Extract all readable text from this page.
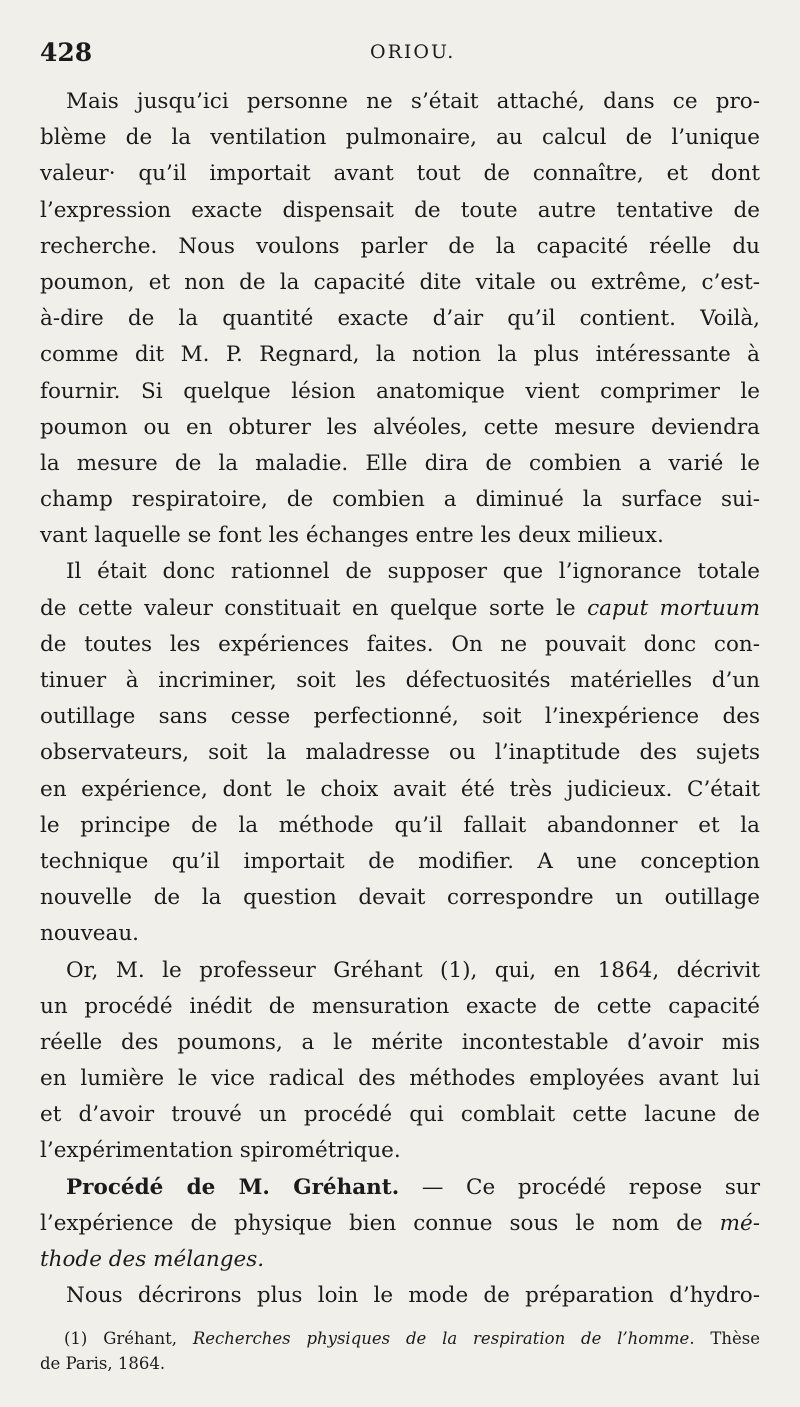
428	ORIOU.
Mais jusqu’ici personne ne s’était attaché, dans ce pro-
blème de la ventilation pulmonaire, au calcul de l’unique
valeur· qu’il importait avant tout de connaître, et dont
l’expression exacte dispensait de toute autre tentative de
recherche. Nous voulons parler de la capacité réelle du
poumon, et non de la capacité dite vitale ou extrême, c’est-
à-dire de la quantité exacte d’air qu’il contient. Voilà,
comme dit M. P. Regnard, la notion la plus intéressante à
fournir. Si quelque lésion anatomique vient comprimer le
poumon ou en obturer les alvéoles, cette mesure deviendra
la mesure de la maladie. Elle dira de combien a varié le
champ respiratoire, de combien a diminué la surface sui-
vant laquelle se font les échanges entre les deux milieux.
Il était donc rationnel de supposer que l’ignorance totale
de cette valeur constituait en quelque sorte le caput mortuum
de toutes les expériences faites. On ne pouvait donc con-
tinuer à incriminer, soit les défectuosités matérielles d’un
outillage sans cesse perfectionné, soit l’inexpérience des
observateurs, soit la maladresse ou l’inaptitude des sujets
en expérience, dont le choix avait été très judicieux. C’était
le principe de la méthode qu’il fallait abandonner et la
technique qu’il importait de modifier. A une conception
nouvelle de la question devait correspondre un outillage
nouveau.
Or, M. le professeur Gréhant (1), qui, en 1864, décrivit
un procédé inédit de mensuration exacte de cette capacité
réelle des poumons, a le mérite incontestable d’avoir mis
en lumière le vice radical des méthodes employées avant lui
et d’avoir trouvé un procédé qui comblait cette lacune de
l’expérimentation spirométrique.
Procédé de M. Gréhant. — Ce procédé repose sur
l’expérience de physique bien connue sous le nom de mé-
thode des mélanges.
Nous décrirons plus loin le mode de préparation d’hydro-
(1) Gréhant, Recherches physiques de la respiration de l’homme. Thèse
de Paris, 1864.
